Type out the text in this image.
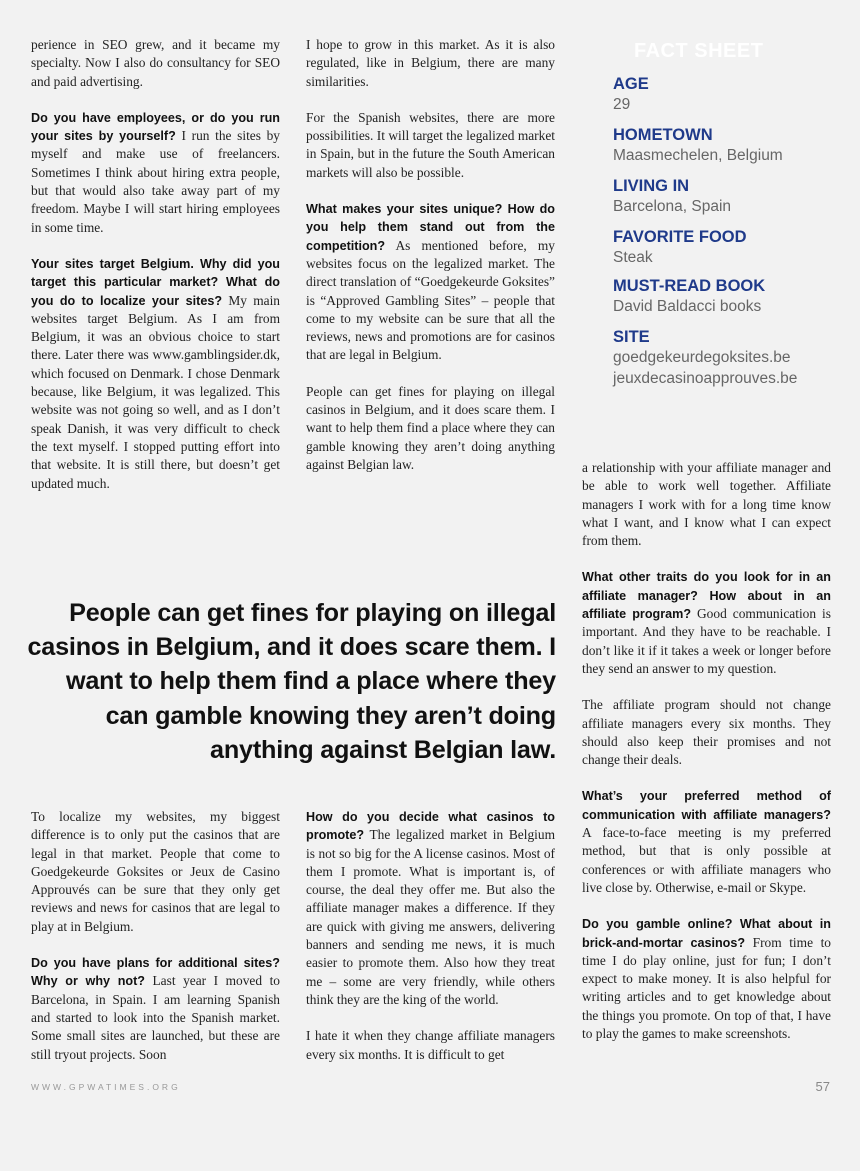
perience in SEO grew, and it became my specialty. Now I also do consultancy for SEO and paid advertising.

Do you have employees, or do you run your sites by yourself? I run the sites by myself and make use of freelancers. Sometimes I think about hiring extra people, but that would also take away part of my freedom. Maybe I will start hiring employees in some time.

Your sites target Belgium. Why did you target this particular market? What do you do to localize your sites? My main websites target Belgium. As I am from Belgium, it was an obvious choice to start there. Later there was www.gamblingsider.dk, which focused on Denmark. I chose Denmark because, like Belgium, it was legalized. This website was not going so well, and as I don’t speak Danish, it was very difficult to check the text myself. I stopped putting effort into that website. It is still there, but doesn’t get updated much.

I hope to grow in this market. As it is also regulated, like in Belgium, there are many similarities.

For the Spanish websites, there are more possibilities. It will target the legalized market in Spain, but in the future the South American markets will also be possible.

What makes your sites unique? How do you help them stand out from the competition? As mentioned before, my websites focus on the legalized market. The direct translation of “Goedgekeurde Goksites” is “Approved Gambling Sites” – people that come to my website can be sure that all the reviews, news and promotions are for casinos that are legal in Belgium.

People can get fines for playing on illegal casinos in Belgium, and it does scare them. I want to help them find a place where they can gamble knowing they aren’t doing anything against Belgian law.

FACT SHEET
AGE
29
HOMETOWN
Maasmechelen, Belgium
LIVING IN
Barcelona, Spain
FAVORITE FOOD
Steak
MUST-READ BOOK
David Baldacci books
SITE
goedgekeurdegoksites.be
jeuxdecasinoapprouves.be

a relationship with your affiliate manager and be able to work well together. Affiliate managers I work with for a long time know what I want, and I know what I can expect from them.

What other traits do you look for in an affiliate manager? How about in an affiliate program? Good communication is important. And they have to be reachable. I don’t like it if it takes a week or longer before they send an answer to my question.

The affiliate program should not change affiliate managers every six months. They should also keep their promises and not change their deals.

What’s your preferred method of communication with affiliate managers? A face-to-face meeting is my preferred method, but that is only possible at conferences or with affiliate managers who live close by. Otherwise, e-mail or Skype.

Do you gamble online? What about in brick-and-mortar casinos? From time to time I do play online, just for fun; I don’t expect to make money. It is also helpful for writing articles and to get knowledge about the things you promote. On top of that, I have to play the games to make screenshots.

People can get fines for playing on illegal casinos in Belgium, and it does scare them. I want to help them find a place where they can gamble knowing they aren’t doing anything against Belgian law.

To localize my websites, my biggest difference is to only put the casinos that are legal in that market. People that come to Goedgekeurde Goksites or Jeux de Casino Approuvés can be sure that they only get reviews and news for casinos that are legal to play at in Belgium.

Do you have plans for additional sites? Why or why not? Last year I moved to Barcelona, in Spain. I am learning Spanish and started to look into the Spanish market. Some small sites are launched, but these are still tryout projects. Soon

How do you decide what casinos to promote? The legalized market in Belgium is not so big for the A license casinos. Most of them I promote. What is important is, of course, the deal they offer me. But also the affiliate manager makes a difference. If they are quick with giving me answers, delivering banners and sending me news, it is much easier to promote them. Also how they treat me – some are very friendly, while others think they are the king of the world.

I hate it when they change affiliate managers every six months. It is difficult to get

WWW.GPWATIMES.ORG	57
